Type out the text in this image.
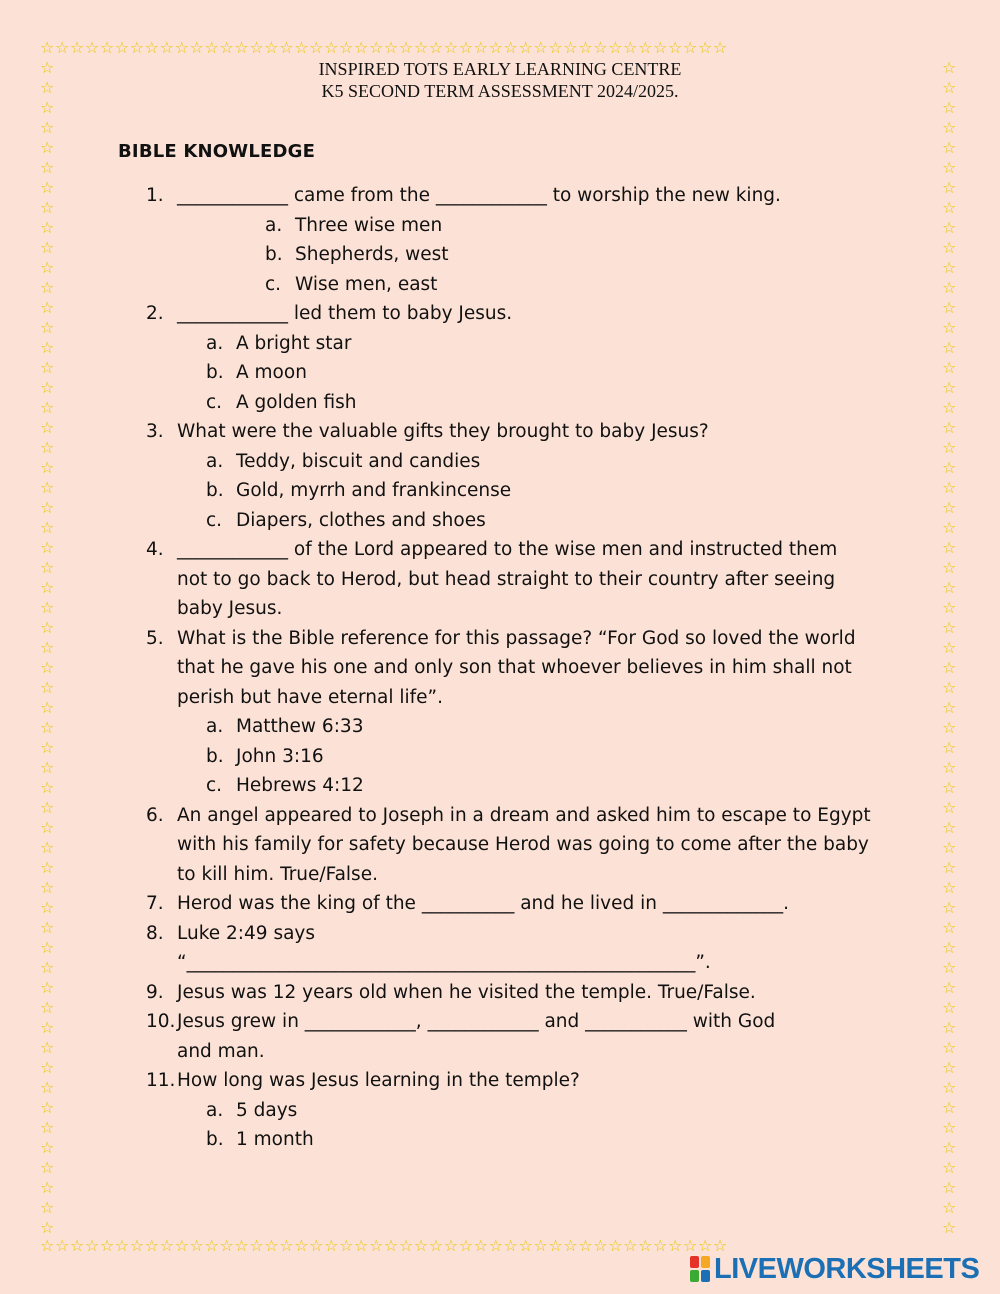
☆☆☆☆☆☆☆☆☆☆☆☆☆☆☆☆☆☆☆☆☆☆☆☆☆☆☆☆☆☆☆☆☆☆☆☆☆☆☆☆☆☆☆☆☆☆
☆☆☆☆☆☆☆☆☆☆☆☆☆☆☆☆☆☆☆☆☆☆☆☆☆☆☆☆☆☆☆☆☆☆☆☆☆☆☆☆☆☆☆☆☆☆
☆
☆
☆
☆
☆
☆
☆
☆
☆
☆
☆
☆
☆
☆
☆
☆
☆
☆
☆
☆
☆
☆
☆
☆
☆
☆
☆
☆
☆
☆
☆
☆
☆
☆
☆
☆
☆
☆
☆
☆
☆
☆
☆
☆
☆
☆
☆
☆
☆
☆
☆
☆
☆
☆
☆
☆
☆
☆
☆
☆
☆
☆
☆
☆
☆
☆
☆
☆
☆
☆
☆
☆
☆
☆
☆
☆
☆
☆
☆
☆
☆
☆
☆
☆
☆
☆
☆
☆
☆
☆
☆
☆
☆
☆
☆
☆
☆
☆
☆
☆
☆
☆
☆
☆
☆
☆
☆
☆
☆
☆
☆
☆
☆
☆
☆
☆
☆
☆
INSPIRED TOTS EARLY LEARNING CENTRE
K5 SECOND TERM ASSESSMENT 2024/2025.
BIBLE KNOWLEDGE
1. ____________ came from the ____________ to worship the new king.
a. Three wise men
b. Shepherds, west
c. Wise men, east
2. ____________ led them to baby Jesus.
a. A bright star
b. A moon
c. A golden fish
3. What were the valuable gifts they brought to baby Jesus?
a. Teddy, biscuit and candies
b. Gold, myrrh and frankincense
c. Diapers, clothes and shoes
4. ____________ of the Lord appeared to the wise men and instructed them
not to go back to Herod, but head straight to their country after seeing
baby Jesus.
5. What is the Bible reference for this passage? “For God so loved the world
that he gave his one and only son that whoever believes in him shall not
perish but have eternal life”.
a. Matthew 6:33
b. John 3:16
c. Hebrews 4:12
6. An angel appeared to Joseph in a dream and asked him to escape to Egypt
with his family for safety because Herod was going to come after the baby
to kill him. True/False.
7. Herod was the king of the __________ and he lived in _____________.
8. Luke 2:49 says
“_______________________________________________________”.
9. Jesus was 12 years old when he visited the temple. True/False.
10. Jesus grew in ____________, ____________ and ___________ with God
and man.
11. How long was Jesus learning in the temple?
a. 5 days
b. 1 month
LIVEWORKSHEETS
